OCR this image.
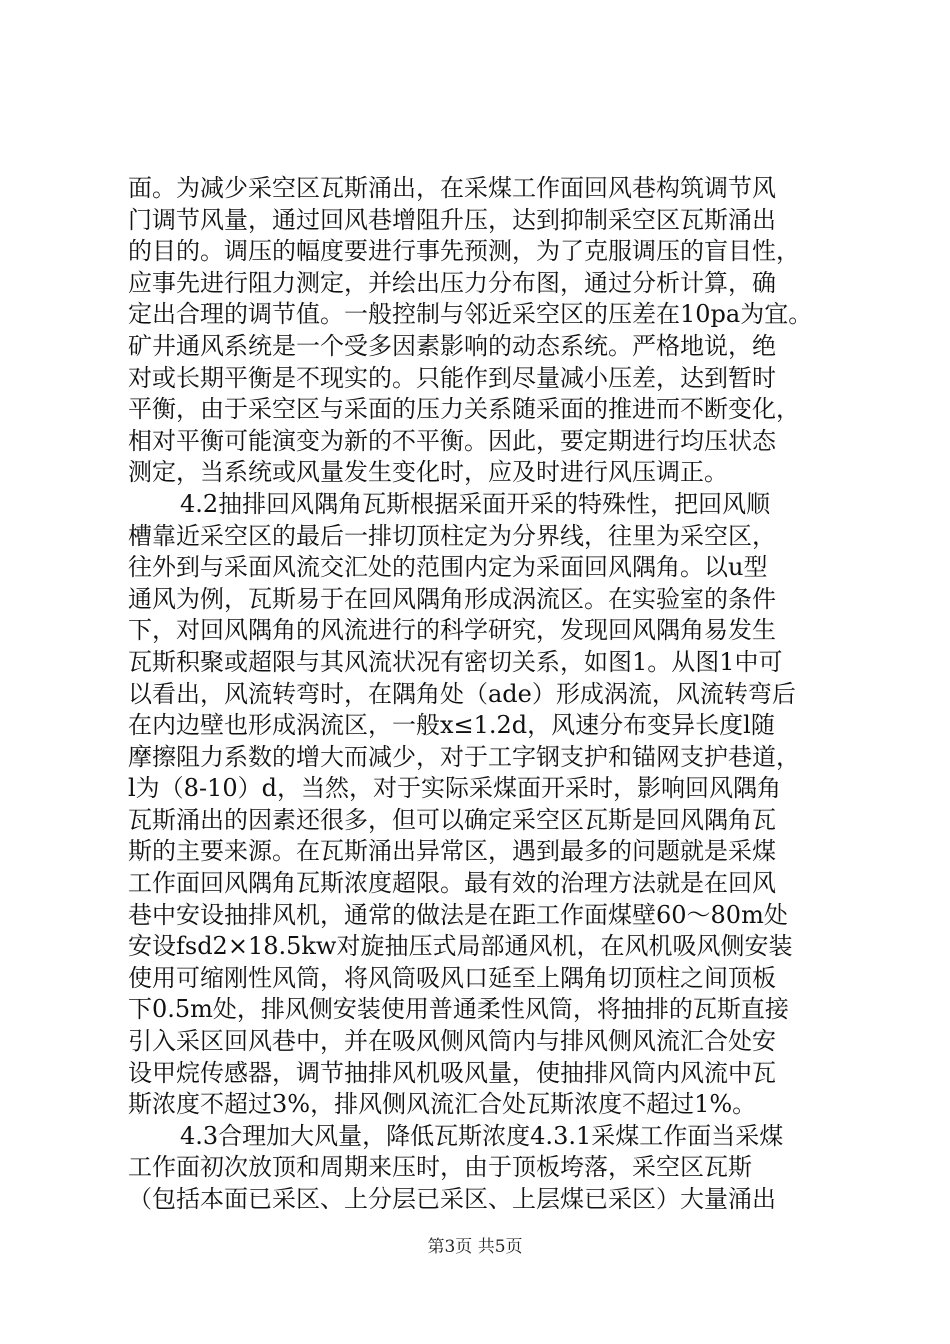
面。为减少采空区瓦斯涌出，在采煤工作面回风巷构筑调节风
门调节风量，通过回风巷增阻升压，达到抑制采空区瓦斯涌出
的目的。调压的幅度要进行事先预测，为了克服调压的盲目性，
应事先进行阻力测定，并绘出压力分布图，通过分析计算，确
定出合理的调节值。一般控制与邻近采空区的压差在10pa为宜。
矿井通风系统是一个受多因素影响的动态系统。严格地说，绝
对或长期平衡是不现实的。只能作到尽量减小压差，达到暂时
平衡，由于采空区与采面的压力关系随采面的推进而不断变化，
相对平衡可能演变为新的不平衡。因此，要定期进行均压状态
测定，当系统或风量发生变化时，应及时进行风压调正。
4.2抽排回风隅角瓦斯根据采面开采的特殊性，把回风顺
槽靠近采空区的最后一排切顶柱定为分界线，往里为采空区，
往外到与采面风流交汇处的范围内定为采面回风隅角。以u型
通风为例，瓦斯易于在回风隅角形成涡流区。在实验室的条件
下，对回风隅角的风流进行的科学研究，发现回风隅角易发生
瓦斯积聚或超限与其风流状况有密切关系，如图1。从图1中可
以看出，风流转弯时，在隅角处（ade）形成涡流，风流转弯后
在内边壁也形成涡流区，一般x≤1.2d，风速分布变异长度l随
摩擦阻力系数的增大而减少，对于工字钢支护和锚网支护巷道，
l为（8-10）d，当然，对于实际采煤面开采时，影响回风隅角
瓦斯涌出的因素还很多，但可以确定采空区瓦斯是回风隅角瓦
斯的主要来源。在瓦斯涌出异常区，遇到最多的问题就是采煤
工作面回风隅角瓦斯浓度超限。最有效的治理方法就是在回风
巷中安设抽排风机，通常的做法是在距工作面煤壁60～80m处
安设fsd2×18.5kw对旋抽压式局部通风机，在风机吸风侧安装
使用可缩刚性风筒，将风筒吸风口延至上隅角切顶柱之间顶板
下0.5m处，排风侧安装使用普通柔性风筒，将抽排的瓦斯直接
引入采区回风巷中，并在吸风侧风筒内与排风侧风流汇合处安
设甲烷传感器，调节抽排风机吸风量，使抽排风筒内风流中瓦
斯浓度不超过3%，排风侧风流汇合处瓦斯浓度不超过1%。
4.3合理加大风量，降低瓦斯浓度4.3.1采煤工作面当采煤
工作面初次放顶和周期来压时，由于顶板垮落，采空区瓦斯
（包括本面已采区、上分层已采区、上层煤已采区）大量涌出
第3页 共5页
